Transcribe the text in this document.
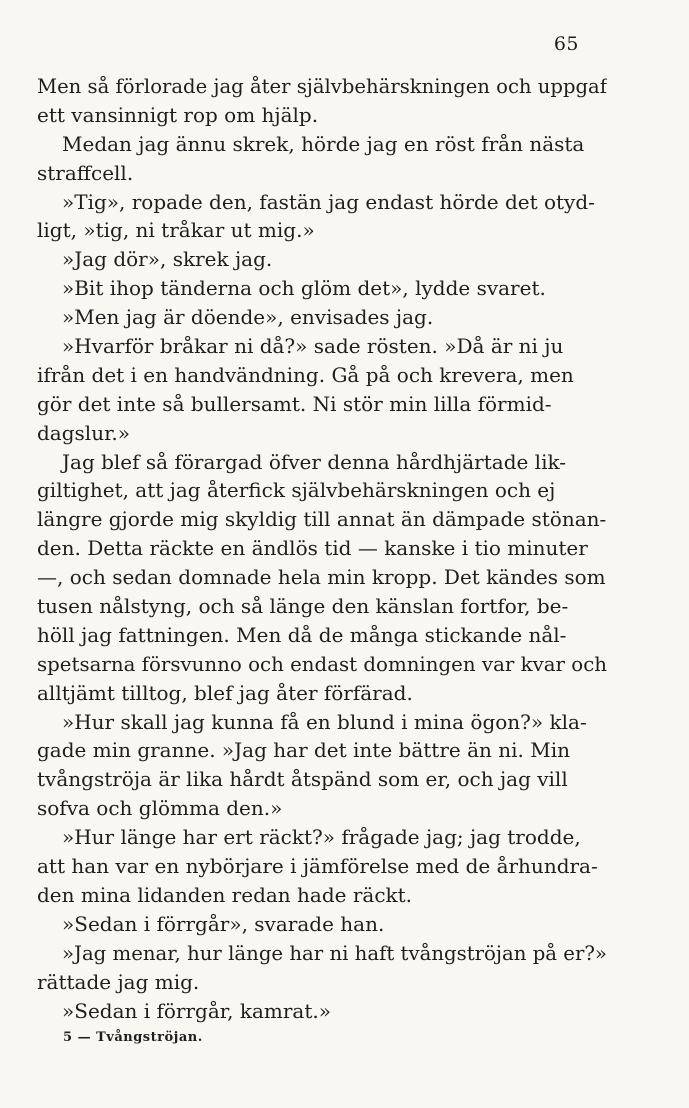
65
Men så förlorade jag åter självbehärskningen och uppgaf
ett vansinnigt rop om hjälp.
Medan jag ännu skrek, hörde jag en röst från nästa
straffcell.
»Tig», ropade den, fastän jag endast hörde det otyd-
ligt, »tig, ni tråkar ut mig.»
»Jag dör», skrek jag.
»Bit ihop tänderna och glöm det», lydde svaret.
»Men jag är döende», envisades jag.
»Hvarför bråkar ni då?» sade rösten. »Då är ni ju
ifrån det i en handvändning. Gå på och krevera, men
gör det inte så bullersamt. Ni stör min lilla förmid-
dagslur.»
Jag blef så förargad öfver denna hårdhjärtade lik-
giltighet, att jag återfick självbehärskningen och ej
längre gjorde mig skyldig till annat än dämpade stönan-
den. Detta räckte en ändlös tid — kanske i tio minuter
—, och sedan domnade hela min kropp. Det kändes som
tusen nålstyng, och så länge den känslan fortfor, be-
höll jag fattningen. Men då de många stickande nål-
spetsarna försvunno och endast domningen var kvar och
alltjämt tilltog, blef jag åter förfärad.
»Hur skall jag kunna få en blund i mina ögon?» kla-
gade min granne. »Jag har det inte bättre än ni. Min
tvångströja är lika hårdt åtspänd som er, och jag vill
sofva och glömma den.»
»Hur länge har ert räckt?» frågade jag; jag trodde,
att han var en nybörjare i jämförelse med de århundra-
den mina lidanden redan hade räckt.
»Sedan i förrgår», svarade han.
»Jag menar, hur länge har ni haft tvångströjan på er?»
rättade jag mig.
»Sedan i förrgår, kamrat.»
5 — Tvångströjan.
